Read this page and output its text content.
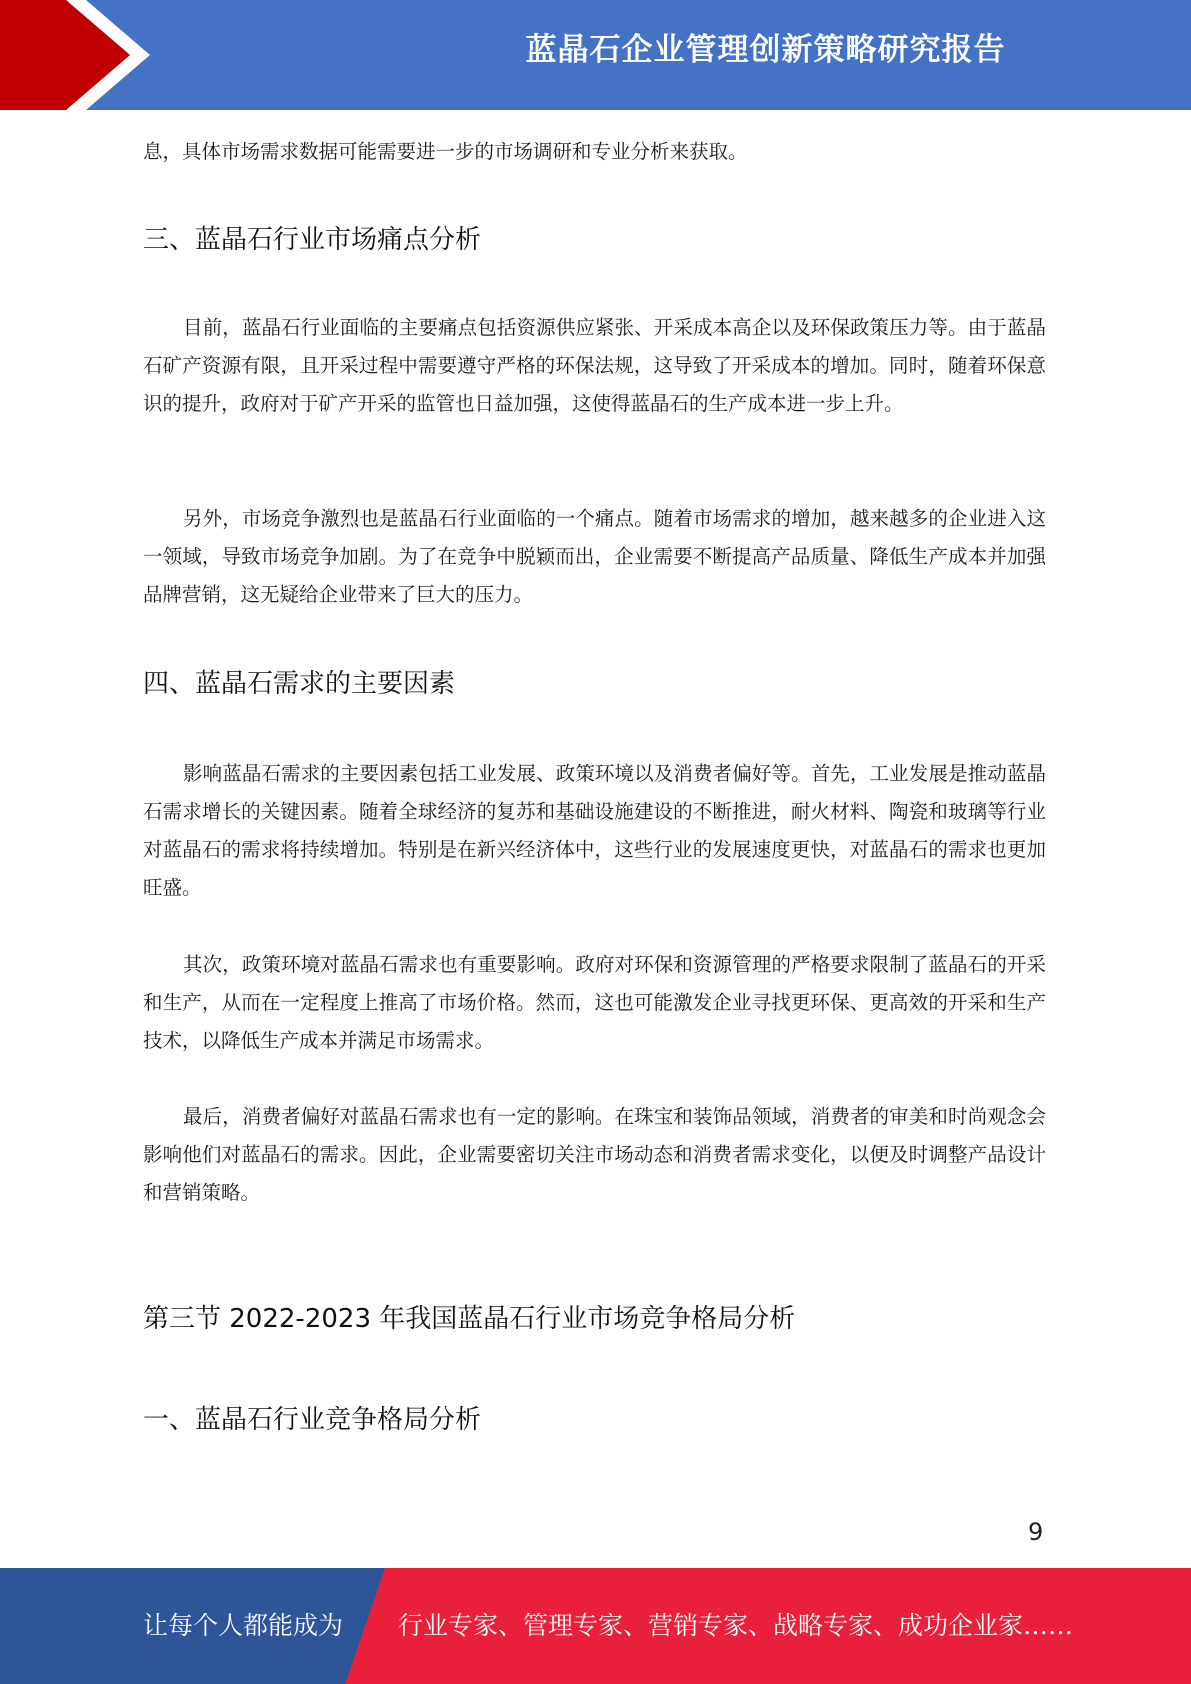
蓝晶石企业管理创新策略研究报告

息，具体市场需求数据可能需要进一步的市场调研和专业分析来获取。

三、蓝晶石行业市场痛点分析

目前，蓝晶石行业面临的主要痛点包括资源供应紧张、开采成本高企以及环保政策压力等。由于蓝晶石矿产资源有限，且开采过程中需要遵守严格的环保法规，这导致了开采成本的增加。同时，随着环保意识的提升，政府对于矿产开采的监管也日益加强，这使得蓝晶石的生产成本进一步上升。

另外，市场竞争激烈也是蓝晶石行业面临的一个痛点。随着市场需求的增加，越来越多的企业进入这一领域，导致市场竞争加剧。为了在竞争中脱颖而出，企业需要不断提高产品质量、降低生产成本并加强品牌营销，这无疑给企业带来了巨大的压力。

四、蓝晶石需求的主要因素

影响蓝晶石需求的主要因素包括工业发展、政策环境以及消费者偏好等。首先，工业发展是推动蓝晶石需求增长的关键因素。随着全球经济的复苏和基础设施建设的不断推进，耐火材料、陶瓷和玻璃等行业对蓝晶石的需求将持续增加。特别是在新兴经济体中，这些行业的发展速度更快，对蓝晶石的需求也更加旺盛。

其次，政策环境对蓝晶石需求也有重要影响。政府对环保和资源管理的严格要求限制了蓝晶石的开采和生产，从而在一定程度上推高了市场价格。然而，这也可能激发企业寻找更环保、更高效的开采和生产技术，以降低生产成本并满足市场需求。

最后，消费者偏好对蓝晶石需求也有一定的影响。在珠宝和装饰品领域，消费者的审美和时尚观念会影响他们对蓝晶石的需求。因此，企业需要密切关注市场动态和消费者需求变化，以便及时调整产品设计和营销策略。

第三节 2022-2023 年我国蓝晶石行业市场竞争格局分析
一、蓝晶石行业竞争格局分析
9
让每个人都能成为 行业专家、管理专家、营销专家、战略专家、成功企业家……
